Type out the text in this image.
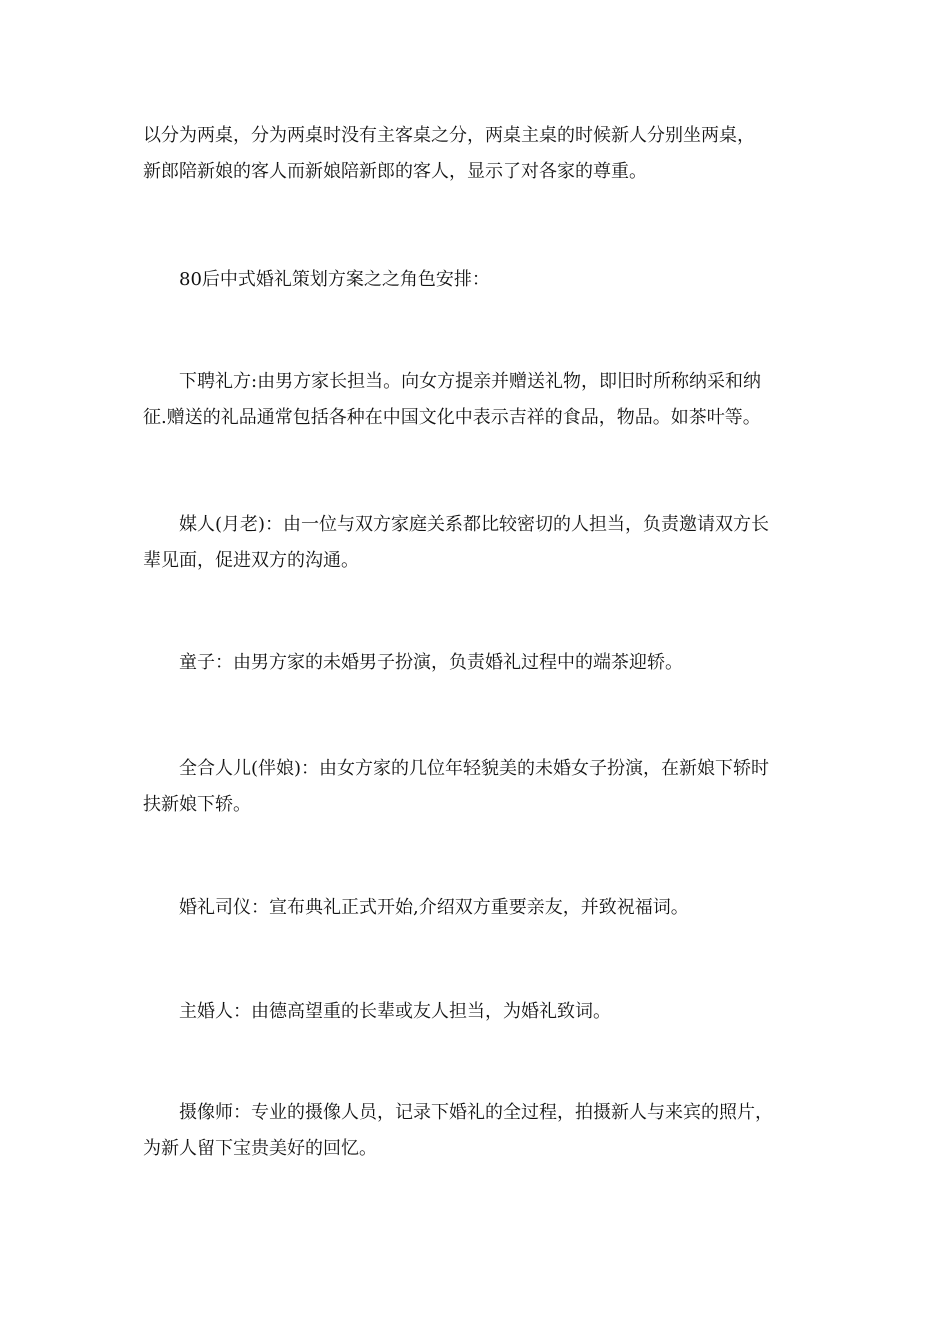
以分为两桌，分为两桌时没有主客桌之分，两桌主桌的时候新人分别坐两桌，
新郎陪新娘的客人而新娘陪新郎的客人，显示了对各家的尊重。
　　80后中式婚礼策划方案之之角色安排：
　　下聘礼方:由男方家长担当。向女方提亲并赠送礼物，即旧时所称纳采和纳
征.赠送的礼品通常包括各种在中国文化中表示吉祥的食品，物品。如茶叶等。
　　媒人(月老)：由一位与双方家庭关系都比较密切的人担当，负责邀请双方长
辈见面，促进双方的沟通。
　　童子：由男方家的未婚男子扮演，负责婚礼过程中的端茶迎轿。
　　全合人儿(伴娘)：由女方家的几位年轻貌美的未婚女子扮演，在新娘下轿时
扶新娘下轿。
　　婚礼司仪：宣布典礼正式开始,介绍双方重要亲友，并致祝福词。
　　主婚人：由德高望重的长辈或友人担当，为婚礼致词。
　　摄像师：专业的摄像人员，记录下婚礼的全过程，拍摄新人与来宾的照片，
为新人留下宝贵美好的回忆。
